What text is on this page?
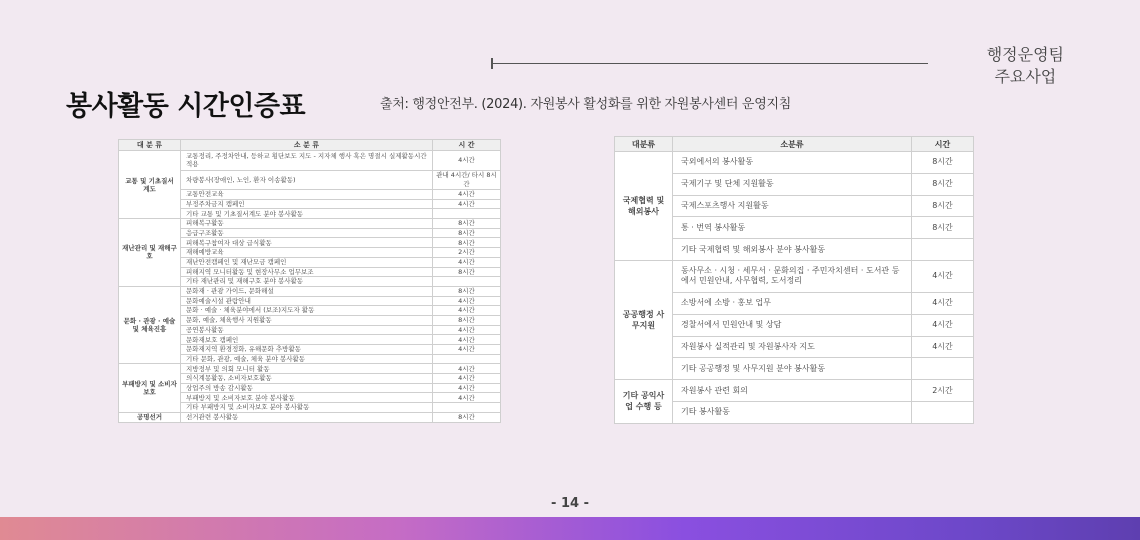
행정운영팀
주요사업
봉사활동 시간인증표	출처: 행정안전부. (2024). 자원봉사 활성화를 위한 자원봉사센터 운영지침
대 분 류	소 분 류	시 간
교통 및 기초질서 계도	교통정리, 주정차안내, 등하교 횡단보도 지도 - 지자체 행사 혹은 명절시 실제활동시간 적용	4시간
	차량봉사(장애인, 노인, 환자 이송활동)	관내 4시간/ 타시 8시간
	교통안전교육	4시간
	부정주차금지 캠페인	4시간
	기타 교통 및 기초질서계도 분야 봉사활동	
재난관리 및 재해구호	피해복구활동	8시간
	응급구조활동	8시간
	피해복구참여자 대상 급식활동	8시간
	재해예방교육	2시간
	재난안전캠페인 및 재난모금 캠페인	4시간
	피해지역 모니터활동 및 현장사무소 업무보조	8시간
	기타 재난관리 및 재해구호 분야 봉사활동	
문화 · 관광 · 예술 및 체육진흥	문화재 · 관광 가이드, 문화해설	8시간
	문화예술시설 관람안내	4시간
	문화 · 예술 · 체육분야에서 (보조)지도자 활동	4시간
	문화, 예술, 체육행사 지원활동	8시간
	공연봉사활동	4시간
	문화재보호 캠페인	4시간
	문화재지역 환경정화, 유해문화 추방활동	4시간
	기타 문화, 관광, 예술, 체육 분야 봉사활동	
부패방지 및 소비자보호	지방정부 및 의회 모니터 활동	4시간
	의식계몽활동, 소비자보호활동	4시간
	상업주의 방송 감시활동	4시간
	부패방지 및 소비자보호 분야 봉사활동	4시간
	기타 부패방지 및 소비자보호 분야 봉사활동	
공명선거	선거관련 봉사활동	8시간
대분류	소분류	시간
국제협력 및 해외봉사	국외에서의 봉사활동	8시간
	국제기구 및 단체 지원활동	8시간
	국제스포츠행사 지원활동	8시간
	통 · 번역 봉사활동	8시간
	기타 국제협력 및 해외봉사 분야 봉사활동	
공공행정 사무지원	동사무소 · 시청 · 세무서 · 문화의집 · 주민자치센터 · 도서관 등에서 민원안내, 사무협력, 도서정리	4시간
	소방서에 소방 · 홍보 업무	4시간
	경찰서에서 민원안내 및 상담	4시간
	자원봉사 실적관리 및 자원봉사자 지도	4시간
	기타 공공행정 및 사무지원 분야 봉사활동	
기타 공익사업 수행 등	자원봉사 관련 회의	2시간
	기타 봉사활동	
- 14 -
